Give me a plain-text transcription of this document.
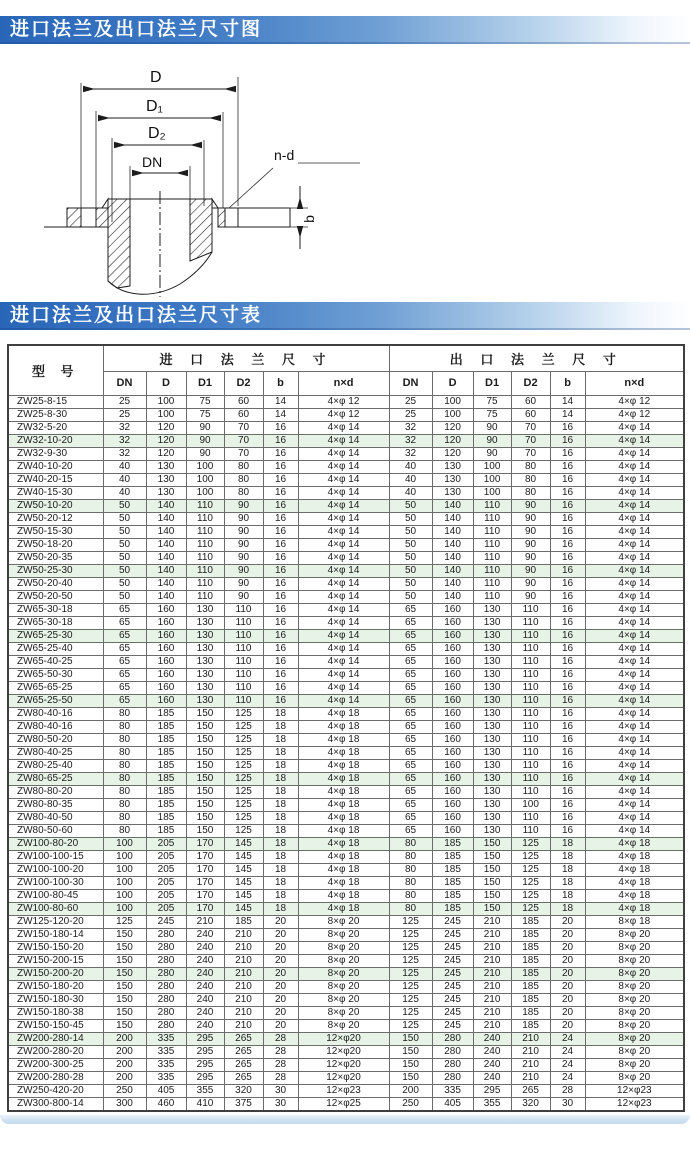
进口法兰及出口法兰尺寸图
D
D₁
D₂
DN	n-d
b
进口法兰及出口法兰尺寸表
型 号	进 口 法 兰 尺 寸						出 口 法 兰 尺 寸					
	DN	D	D1	D2	b	n×d	DN	D	D1	D2	b	n×d
ZW25-8-15	25	100	75	60	14	4×φ 12	25	100	75	60	14	4×φ 12
ZW25-8-30	25	100	75	60	14	4×φ 12	25	100	75	60	14	4×φ 12
ZW32-5-20	32	120	90	70	16	4×φ 14	32	120	90	70	16	4×φ 14
ZW32-10-20	32	120	90	70	16	4×φ 14	32	120	90	70	16	4×φ 14
ZW32-9-30	32	120	90	70	16	4×φ 14	32	120	90	70	16	4×φ 14
ZW40-10-20	40	130	100	80	16	4×φ 14	40	130	100	80	16	4×φ 14
ZW40-20-15	40	130	100	80	16	4×φ 14	40	130	100	80	16	4×φ 14
ZW40-15-30	40	130	100	80	16	4×φ 14	40	130	100	80	16	4×φ 14
ZW50-10-20	50	140	110	90	16	4×φ 14	50	140	110	90	16	4×φ 14
ZW50-20-12	50	140	110	90	16	4×φ 14	50	140	110	90	16	4×φ 14
ZW50-15-30	50	140	110	90	16	4×φ 14	50	140	110	90	16	4×φ 14
ZW50-18-20	50	140	110	90	16	4×φ 14	50	140	110	90	16	4×φ 14
ZW50-20-35	50	140	110	90	16	4×φ 14	50	140	110	90	16	4×φ 14
ZW50-25-30	50	140	110	90	16	4×φ 14	50	140	110	90	16	4×φ 14
ZW50-20-40	50	140	110	90	16	4×φ 14	50	140	110	90	16	4×φ 14
ZW50-20-50	50	140	110	90	16	4×φ 14	50	140	110	90	16	4×φ 14
ZW65-30-18	65	160	130	110	16	4×φ 14	65	160	130	110	16	4×φ 14
ZW65-30-18	65	160	130	110	16	4×φ 14	65	160	130	110	16	4×φ 14
ZW65-25-30	65	160	130	110	16	4×φ 14	65	160	130	110	16	4×φ 14
ZW65-25-40	65	160	130	110	16	4×φ 14	65	160	130	110	16	4×φ 14
ZW65-40-25	65	160	130	110	16	4×φ 14	65	160	130	110	16	4×φ 14
ZW65-50-30	65	160	130	110	16	4×φ 14	65	160	130	110	16	4×φ 14
ZW65-65-25	65	160	130	110	16	4×φ 14	65	160	130	110	16	4×φ 14
ZW65-25-50	65	160	130	110	16	4×φ 14	65	160	130	110	16	4×φ 14
ZW80-40-16	80	185	150	125	18	4×φ 18	65	160	130	110	16	4×φ 14
ZW80-40-16	80	185	150	125	18	4×φ 18	65	160	130	110	16	4×φ 14
ZW80-50-20	80	185	150	125	18	4×φ 18	65	160	130	110	16	4×φ 14
ZW80-40-25	80	185	150	125	18	4×φ 18	65	160	130	110	16	4×φ 14
ZW80-25-40	80	185	150	125	18	4×φ 18	65	160	130	110	16	4×φ 14
ZW80-65-25	80	185	150	125	18	4×φ 18	65	160	130	110	16	4×φ 14
ZW80-80-20	80	185	150	125	18	4×φ 18	65	160	130	110	16	4×φ 14
ZW80-80-35	80	185	150	125	18	4×φ 18	65	160	130	100	16	4×φ 14
ZW80-40-50	80	185	150	125	18	4×φ 18	65	160	130	110	16	4×φ 14
ZW80-50-60	80	185	150	125	18	4×φ 18	65	160	130	110	16	4×φ 14
ZW100-80-20	100	205	170	145	18	4×φ 18	80	185	150	125	18	4×φ 18
ZW100-100-15	100	205	170	145	18	4×φ 18	80	185	150	125	18	4×φ 18
ZW100-100-20	100	205	170	145	18	4×φ 18	80	185	150	125	18	4×φ 18
ZW100-100-30	100	205	170	145	18	4×φ 18	80	185	150	125	18	4×φ 18
ZW100-80-45	100	205	170	145	18	4×φ 18	80	185	150	125	18	4×φ 18
ZW100-80-60	100	205	170	145	18	4×φ 18	80	185	150	125	18	4×φ 18
ZW125-120-20	125	245	210	185	20	8×φ 20	125	245	210	185	20	8×φ 18
ZW150-180-14	150	280	240	210	20	8×φ 20	125	245	210	185	20	8×φ 20
ZW150-150-20	150	280	240	210	20	8×φ 20	125	245	210	185	20	8×φ 20
ZW150-200-15	150	280	240	210	20	8×φ 20	125	245	210	185	20	8×φ 20
ZW150-200-20	150	280	240	210	20	8×φ 20	125	245	210	185	20	8×φ 20
ZW150-180-20	150	280	240	210	20	8×φ 20	125	245	210	185	20	8×φ 20
ZW150-180-30	150	280	240	210	20	8×φ 20	125	245	210	185	20	8×φ 20
ZW150-180-38	150	280	240	210	20	8×φ 20	125	245	210	185	20	8×φ 20
ZW150-150-45	150	280	240	210	20	8×φ 20	125	245	210	185	20	8×φ 20
ZW200-280-14	200	335	295	265	28	12×φ20	150	280	240	210	24	8×φ 20
ZW200-280-20	200	335	295	265	28	12×φ20	150	280	240	210	24	8×φ 20
ZW200-300-25	200	335	295	265	28	12×φ20	150	280	240	210	24	8×φ 20
ZW200-280-28	200	335	295	265	28	12×φ20	150	280	240	210	24	8×φ 20
ZW250-420-20	250	405	355	320	30	12×φ23	200	335	295	265	28	12×φ23
ZW300-800-14	300	460	410	375	30	12×φ25	250	405	355	320	30	12×φ23
